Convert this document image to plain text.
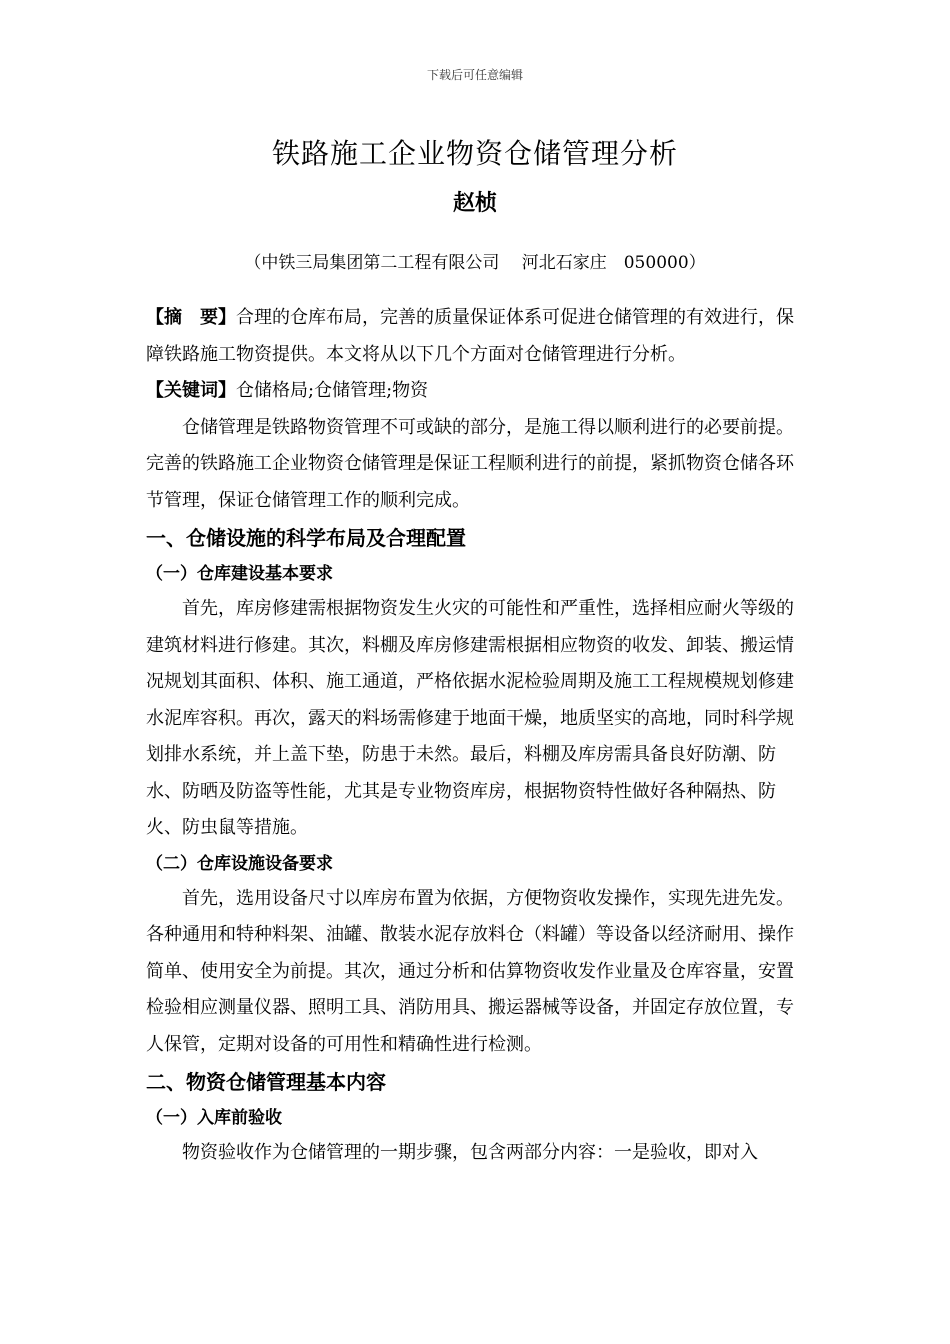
下载后可任意编辑
铁路施工企业物资仓储管理分析
赵桢
（中铁三局集团第二工程有限公司　 河北石家庄　050000）

【摘　要】合理的仓库布局，完善的质量保证体系可促进仓储管理的有效进行，保障铁路施工物资提供。本文将从以下几个方面对仓储管理进行分析。

【关键词】仓储格局;仓储管理;物资

仓储管理是铁路物资管理不可或缺的部分，是施工得以顺利进行的必要前提。完善的铁路施工企业物资仓储管理是保证工程顺利进行的前提，紧抓物资仓储各环节管理，保证仓储管理工作的顺利完成。

一、仓储设施的科学布局及合理配置
（一）仓库建设基本要求

首先，库房修建需根据物资发生火灾的可能性和严重性，选择相应耐火等级的建筑材料进行修建。其次，料棚及库房修建需根据相应物资的收发、卸装、搬运情况规划其面积、体积、施工通道，严格依据水泥检验周期及施工工程规模规划修建水泥库容积。再次，露天的料场需修建于地面干燥，地质坚实的高地，同时科学规划排水系统，并上盖下垫，防患于未然。最后，料棚及库房需具备良好防潮、防水、防晒及防盗等性能，尤其是专业物资库房，根据物资特性做好各种隔热、防火、防虫鼠等措施。

（二）仓库设施设备要求

首先，选用设备尺寸以库房布置为依据，方便物资收发操作，实现先进先发。

各种通用和特种料架、油罐、散装水泥存放料仓（料罐）等设备以经济耐用、操作简单、使用安全为前提。其次，通过分析和估算物资收发作业量及仓库容量，安置检验相应测量仪器、照明工具、消防用具、搬运器械等设备，并固定存放位置，专人保管，定期对设备的可用性和精确性进行检测。

二、物资仓储管理基本内容
（一）入库前验收

物资验收作为仓储管理的一期步骤，包含两部分内容：一是验收，即对入
